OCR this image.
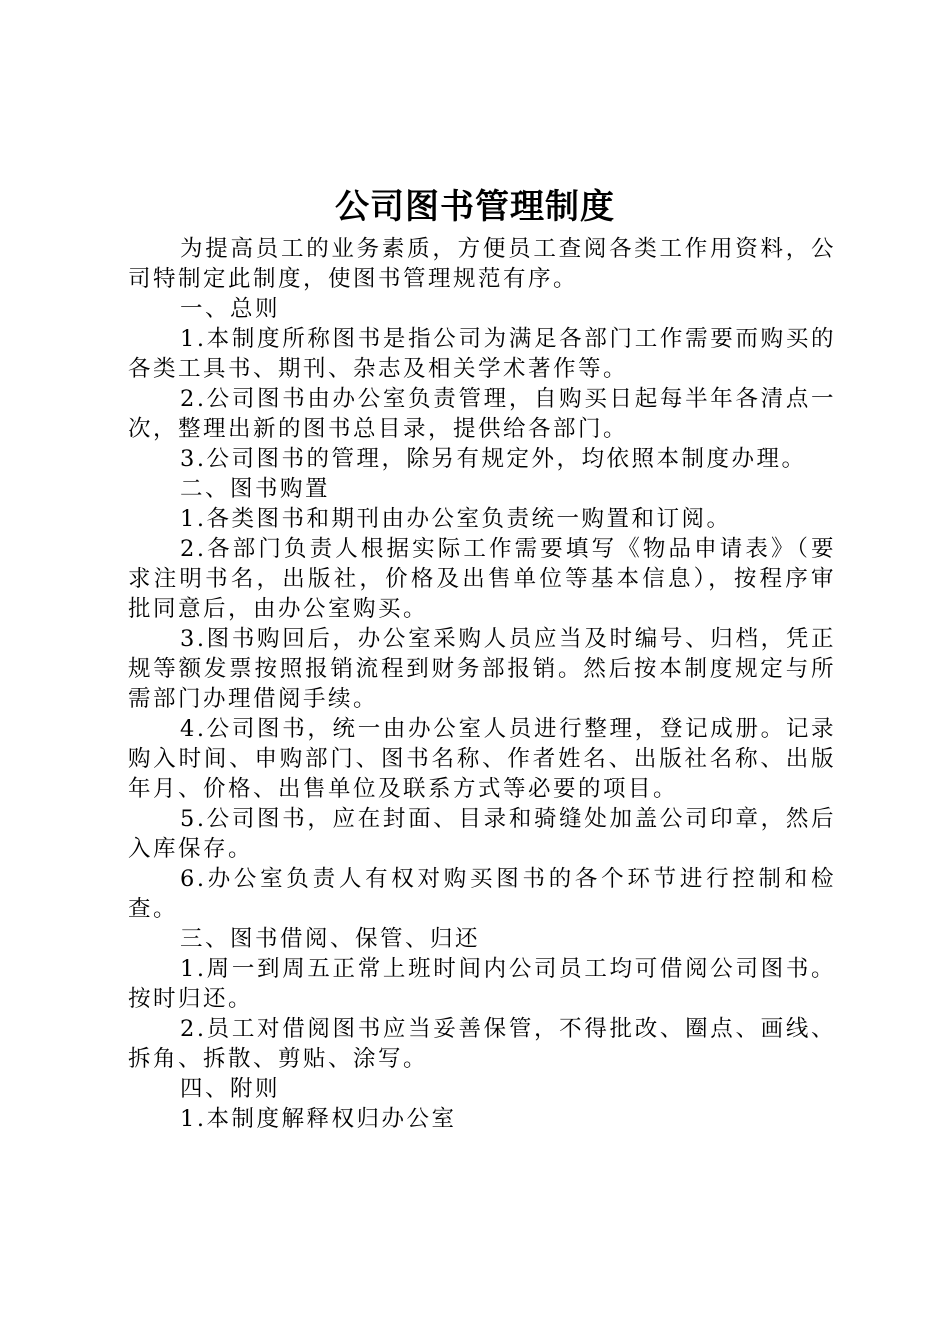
公司图书管理制度

为提高员工的业务素质，方便员工查阅各类工作用资料，公司特制定此制度，使图书管理规范有序。

一、总则

1.本制度所称图书是指公司为满足各部门工作需要而购买的各类工具书、期刊、杂志及相关学术著作等。

2.公司图书由办公室负责管理，自购买日起每半年各清点一次，整理出新的图书总目录，提供给各部门。

3.公司图书的管理，除另有规定外，均依照本制度办理。

二、图书购置

1.各类图书和期刊由办公室负责统一购置和订阅。

2.各部门负责人根据实际工作需要填写《物品申请表》（要求注明书名，出版社，价格及出售单位等基本信息），按程序审批同意后，由办公室购买。

3.图书购回后，办公室采购人员应当及时编号、归档，凭正规等额发票按照报销流程到财务部报销。然后按本制度规定与所需部门办理借阅手续。

4.公司图书，统一由办公室人员进行整理，登记成册。记录购入时间、申购部门、图书名称、作者姓名、出版社名称、出版年月、价格、出售单位及联系方式等必要的项目。

5.公司图书，应在封面、目录和骑缝处加盖公司印章，然后入库保存。

6.办公室负责人有权对购买图书的各个环节进行控制和检查。

三、图书借阅、保管、归还

1.周一到周五正常上班时间内公司员工均可借阅公司图书。按时归还。

2.员工对借阅图书应当妥善保管，不得批改、圈点、画线、拆角、拆散、剪贴、涂写。

四、附则

1.本制度解释权归办公室
